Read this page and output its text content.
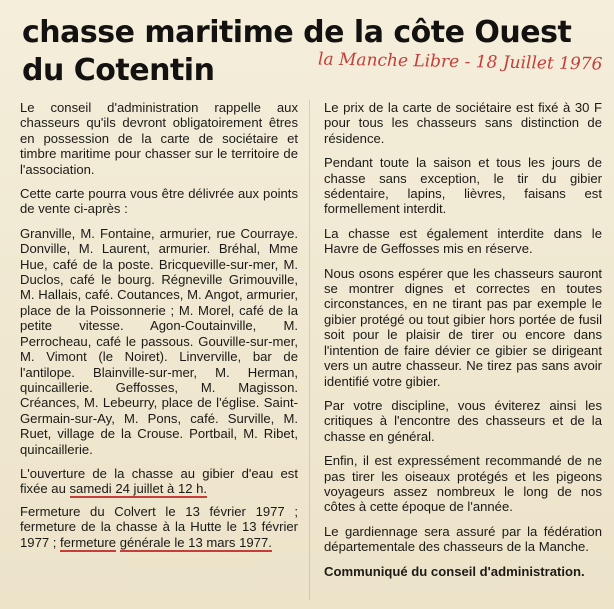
chasse maritime de la côte Ouest
du Cotentin	la Manche Libre - 18 Juillet 1976

Le conseil d'administration rappelle aux chasseurs qu'ils devront obligatoirement êtres en possession de la carte de sociétaire et timbre maritime pour chasser sur le territoire de l'association.

Cette carte pourra vous être délivrée aux points de vente ci-après :

Granville, M. Fontaine, armurier, rue Courraye. Donville, M. Laurent, armurier. Bréhal, Mme Hue, café de la poste. Bricqueville-sur-mer, M. Duclos, café le bourg. Régneville Grimouville, M. Hallais, café. Coutances, M. Angot, armurier, place de la Poissonnerie ; M. Morel, café de la petite vitesse. Agon-Coutainville, M. Perrocheau, café le passous. Gouville-sur-mer, M. Vimont (le Noiret). Linverville, bar de l'antilope. Blainville-sur-mer, M. Herman, quincaillerie. Geffosses, M. Magisson. Créances, M. Lebeurry, place de l'église. Saint-Germain-sur-Ay, M. Pons, café. Surville, M. Ruet, village de la Crouse. Portbail, M. Ribet, quincaillerie.

L'ouverture de la chasse au gibier d'eau est fixée au samedi 24 juillet à 12 h.

Fermeture du Colvert le 13 février 1977 ; fermeture de la chasse à la Hutte le 13 février 1977 ; fermeture générale le 13 mars 1977.

Le prix de la carte de sociétaire est fixé à 30 F pour tous les chasseurs sans distinction de résidence.

Pendant toute la saison et tous les jours de chasse sans exception, le tir du gibier sédentaire, lapins, lièvres, faisans est formellement interdit.

La chasse est également interdite dans le Havre de Geffosses mis en réserve.

Nous osons espérer que les chasseurs sauront se montrer dignes et correctes en toutes circonstances, en ne tirant pas par exemple le gibier protégé ou tout gibier hors portée de fusil soit pour le plaisir de tirer ou encore dans l'intention de faire dévier ce gibier se dirigeant vers un autre chasseur. Ne tirez pas sans avoir identifié votre gibier.

Par votre discipline, vous éviterez ainsi les critiques à l'encontre des chasseurs et de la chasse en général.

Enfin, il est expressément recommandé de ne pas tirer les oiseaux protégés et les pigeons voyageurs assez nombreux le long de nos côtes à cette époque de l'année.

Le gardiennage sera assuré par la fédération départementale des chasseurs de la Manche.

Communiqué du conseil d'administration.
